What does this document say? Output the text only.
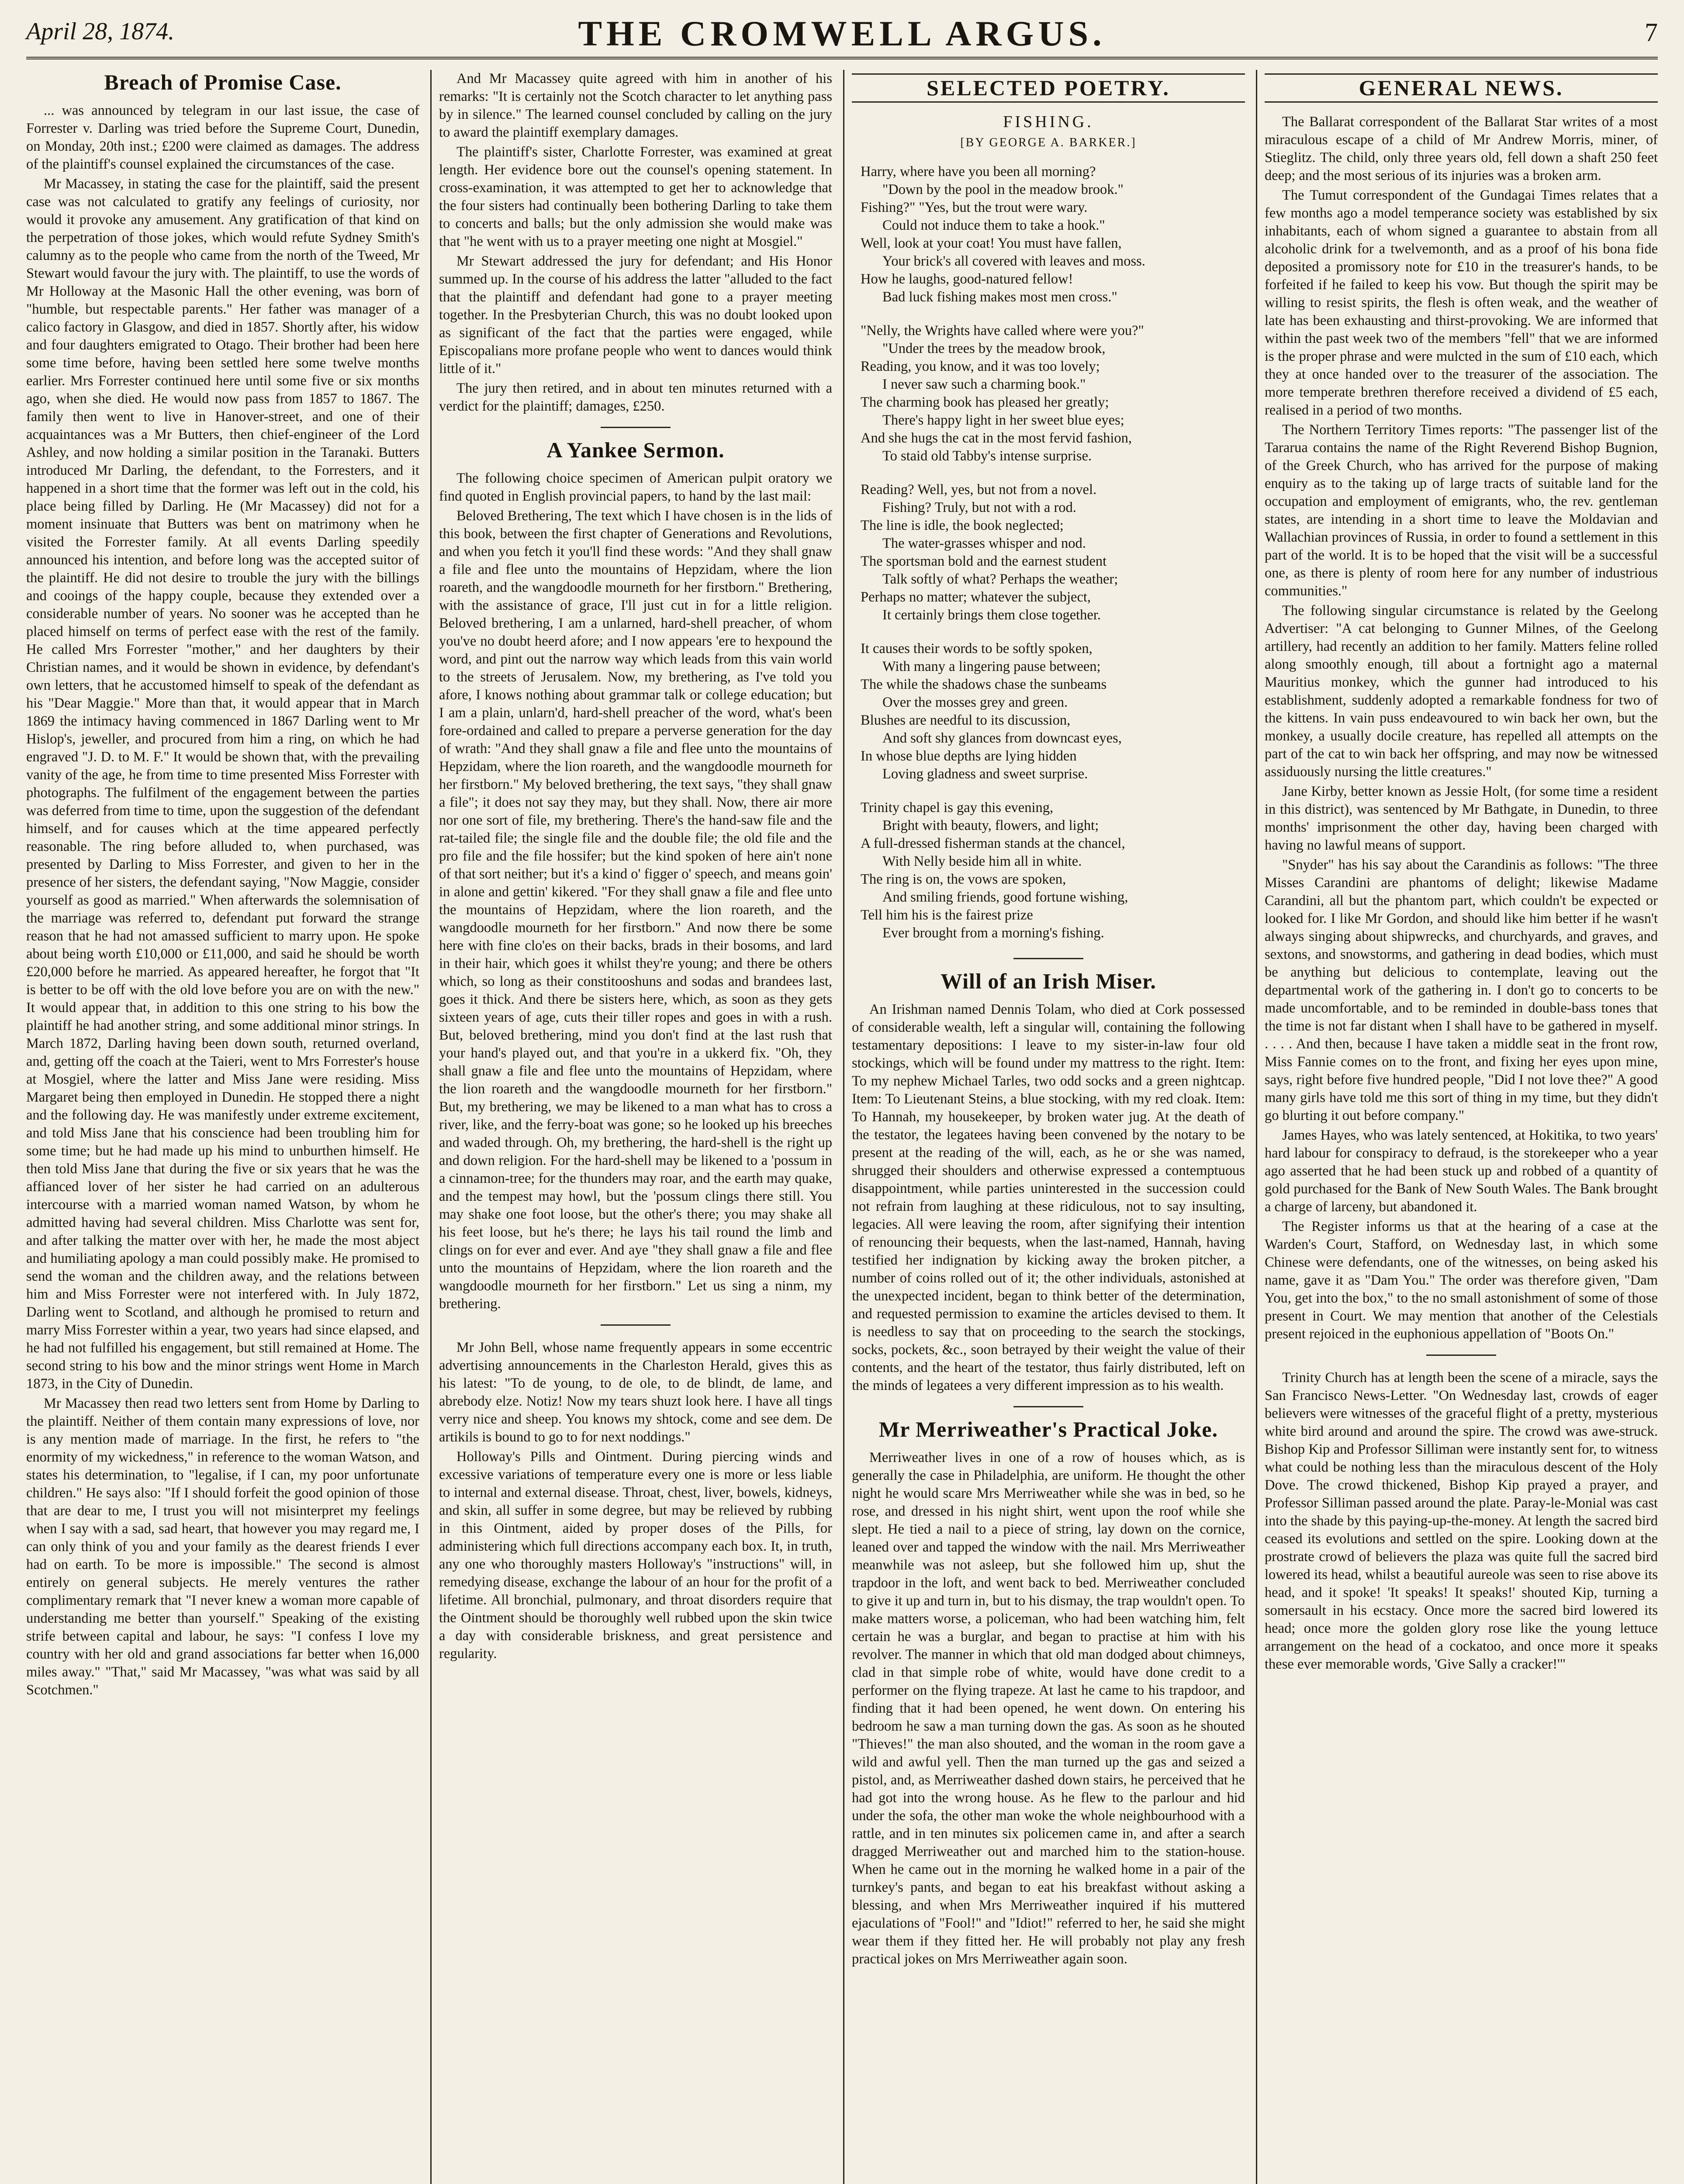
April 28, 1874.	THE CROMWELL ARGUS.	7
Breach of Promise Case.

... was announced by telegram in our last issue, the case of Forrester v. Darling was tried before the Supreme Court, Dunedin, on Monday, 20th inst.; £200 were claimed as damages. The address of the plaintiff's counsel explained the circumstances of the case.

Mr Macassey, in stating the case for the plaintiff, said the present case was not calculated to gratify any feelings of curiosity, nor would it provoke any amusement. Any gratification of that kind on the perpetration of those jokes, which would refute Sydney Smith's calumny as to the people who came from the north of the Tweed, Mr Stewart would favour the jury with. The plaintiff, to use the words of Mr Holloway at the Masonic Hall the other evening, was born of "humble, but respectable parents." Her father was manager of a calico factory in Glasgow, and died in 1857. Shortly after, his widow and four daughters emigrated to Otago. Their brother had been here some time before, having been settled here some twelve months earlier. Mrs Forrester continued here until some five or six months ago, when she died. He would now pass from 1857 to 1867. The family then went to live in Hanover-street, and one of their acquaintances was a Mr Butters, then chief-engineer of the Lord Ashley, and now holding a similar position in the Taranaki. Butters introduced Mr Darling, the defendant, to the Forresters, and it happened in a short time that the former was left out in the cold, his place being filled by Darling. He (Mr Macassey) did not for a moment insinuate that Butters was bent on matrimony when he visited the Forrester family. At all events Darling speedily announced his intention, and before long was the accepted suitor of the plaintiff. He did not desire to trouble the jury with the billings and cooings of the happy couple, because they extended over a considerable number of years. No sooner was he accepted than he placed himself on terms of perfect ease with the rest of the family. He called Mrs Forrester "mother," and her daughters by their Christian names, and it would be shown in evidence, by defendant's own letters, that he accustomed himself to speak of the defendant as his "Dear Maggie." More than that, it would appear that in March 1869 the intimacy having commenced in 1867 Darling went to Mr Hislop's, jeweller, and procured from him a ring, on which he had engraved "J. D. to M. F." It would be shown that, with the prevailing vanity of the age, he from time to time presented Miss Forrester with photographs. The fulfilment of the engagement between the parties was deferred from time to time, upon the suggestion of the defendant himself, and for causes which at the time appeared perfectly reasonable. The ring before alluded to, when purchased, was presented by Darling to Miss Forrester, and given to her in the presence of her sisters, the defendant saying, "Now Maggie, consider yourself as good as married." When afterwards the solemnisation of the marriage was referred to, defendant put forward the strange reason that he had not amassed sufficient to marry upon. He spoke about being worth £10,000 or £11,000, and said he should be worth £20,000 before he married. As appeared hereafter, he forgot that "It is better to be off with the old love before you are on with the new." It would appear that, in addition to this one string to his bow the plaintiff he had another string, and some additional minor strings. In March 1872, Darling having been down south, returned overland, and, getting off the coach at the Taieri, went to Mrs Forrester's house at Mosgiel, where the latter and Miss Jane were residing. Miss Margaret being then employed in Dunedin. He stopped there a night and the following day. He was manifestly under extreme excitement, and told Miss Jane that his conscience had been troubling him for some time; but he had made up his mind to unburthen himself. He then told Miss Jane that during the five or six years that he was the affianced lover of her sister he had carried on an adulterous intercourse with a married woman named Watson, by whom he admitted having had several children. Miss Charlotte was sent for, and after talking the matter over with her, he made the most abject and humiliating apology a man could possibly make. He promised to send the woman and the children away, and the relations between him and Miss Forrester were not interfered with. In July 1872, Darling went to Scotland, and although he promised to return and marry Miss Forrester within a year, two years had since elapsed, and he had not fulfilled his engagement, but still remained at Home. The second string to his bow and the minor strings went Home in March 1873, in the City of Dunedin.

Mr Macassey then read two letters sent from Home by Darling to the plaintiff. Neither of them contain many expressions of love, nor is any mention made of marriage. In the first, he refers to "the enormity of my wickedness," in reference to the woman Watson, and states his determination, to "legalise, if I can, my poor unfortunate children." He says also: "If I should forfeit the good opinion of those that are dear to me, I trust you will not misinterpret my feelings when I say with a sad, sad heart, that however you may regard me, I can only think of you and your family as the dearest friends I ever had on earth. To be more is impossible." The second is almost entirely on general subjects. He merely ventures the rather complimentary remark that "I never knew a woman more capable of understanding me better than yourself." Speaking of the existing strife between capital and labour, he says: "I confess I love my country with her old and grand associations far better when 16,000 miles away." "That," said Mr Macassey, "was what was said by all Scotchmen."

And Mr Macassey quite agreed with him in another of his remarks: "It is certainly not the Scotch character to let anything pass by in silence." The learned counsel concluded by calling on the jury to award the plaintiff exemplary damages.

The plaintiff's sister, Charlotte Forrester, was examined at great length. Her evidence bore out the counsel's opening statement. In cross-examination, it was attempted to get her to acknowledge that the four sisters had continually been bothering Darling to take them to concerts and balls; but the only admission she would make was that "he went with us to a prayer meeting one night at Mosgiel."

Mr Stewart addressed the jury for defendant; and His Honor summed up. In the course of his address the latter "alluded to the fact that the plaintiff and defendant had gone to a prayer meeting together. In the Presbyterian Church, this was no doubt looked upon as significant of the fact that the parties were engaged, while Episcopalians more profane people who went to dances would think little of it."

The jury then retired, and in about ten minutes returned with a verdict for the plaintiff; damages, £250.

A Yankee Sermon.

The following choice specimen of American pulpit oratory we find quoted in English provincial papers, to hand by the last mail:

Beloved Brethering, The text which I have chosen is in the lids of this book, between the first chapter of Generations and Revolutions, and when you fetch it you'll find these words: "And they shall gnaw a file and flee unto the mountains of Hepzidam, where the lion roareth, and the wangdoodle mourneth for her firstborn." Brethering, with the assistance of grace, I'll just cut in for a little religion. Beloved brethering, I am a unlarned, hard-shell preacher, of whom you've no doubt heerd afore; and I now appears 'ere to hexpound the word, and pint out the narrow way which leads from this vain world to the streets of Jerusalem. Now, my brethering, as I've told you afore, I knows nothing about grammar talk or college education; but I am a plain, unlarn'd, hard-shell preacher of the word, what's been fore-ordained and called to prepare a perverse generation for the day of wrath: "And they shall gnaw a file and flee unto the mountains of Hepzidam, where the lion roareth, and the wangdoodle mourneth for her firstborn." My beloved brethering, the text says, "they shall gnaw a file"; it does not say they may, but they shall. Now, there air more nor one sort of file, my brethering. There's the hand-saw file and the rat-tailed file; the single file and the double file; the old file and the pro file and the file hossifer; but the kind spoken of here ain't none of that sort neither; but it's a kind o' figger o' speech, and means goin' in alone and gettin' kikered. "For they shall gnaw a file and flee unto the mountains of Hepzidam, where the lion roareth, and the wangdoodle mourneth for her firstborn." And now there be some here with fine clo'es on their backs, brads in their bosoms, and lard in their hair, which goes it whilst they're young; and there be others which, so long as their constitooshuns and sodas and brandees last, goes it thick. And there be sisters here, which, as soon as they gets sixteen years of age, cuts their tiller ropes and goes in with a rush. But, beloved brethering, mind you don't find at the last rush that your hand's played out, and that you're in a ukkerd fix. "Oh, they shall gnaw a file and flee unto the mountains of Hepzidam, where the lion roareth and the wangdoodle mourneth for her firstborn." But, my brethering, we may be likened to a man what has to cross a river, like, and the ferry-boat was gone; so he looked up his breeches and waded through. Oh, my brethering, the hard-shell is the right up and down religion. For the hard-shell may be likened to a 'possum in a cinnamon-tree; for the thunders may roar, and the earth may quake, and the tempest may howl, but the 'possum clings there still. You may shake one foot loose, but the other's there; you may shake all his feet loose, but he's there; he lays his tail round the limb and clings on for ever and ever. And aye "they shall gnaw a file and flee unto the mountains of Hepzidam, where the lion roareth and the wangdoodle mourneth for her firstborn." Let us sing a ninm, my brethering.

Mr John Bell, whose name frequently appears in some eccentric advertising announcements in the Charleston Herald, gives this as his latest: "To de young, to de ole, to de blindt, de lame, and abrebody elze. Notiz! Now my tears shuzt look here. I have all tings verry nice and sheep. You knows my shtock, come and see dem. De artikils is bound to go to for next noddings."

Holloway's Pills and Ointment. During piercing winds and excessive variations of temperature every one is more or less liable to internal and external disease. Throat, chest, liver, bowels, kidneys, and skin, all suffer in some degree, but may be relieved by rubbing in this Ointment, aided by proper doses of the Pills, for administering which full directions accompany each box. It, in truth, any one who thoroughly masters Holloway's "instructions" will, in remedying disease, exchange the labour of an hour for the profit of a lifetime. All bronchial, pulmonary, and throat disorders require that the Ointment should be thoroughly well rubbed upon the skin twice a day with considerable briskness, and great persistence and regularity.

SELECTED POETRY.
FISHING.
[BY GEORGE A. BARKER.]
Harry, where have you been all morning?
"Down by the pool in the meadow brook."
Fishing?" "Yes, but the trout were wary.
Could not induce them to take a hook."
Well, look at your coat! You must have fallen,
Your brick's all covered with leaves and moss.
How he laughs, good-natured fellow!
Bad luck fishing makes most men cross."
"Nelly, the Wrights have called where were you?"
"Under the trees by the meadow brook,
Reading, you know, and it was too lovely;
I never saw such a charming book."
The charming book has pleased her greatly;
There's happy light in her sweet blue eyes;
And she hugs the cat in the most fervid fashion,
To staid old Tabby's intense surprise.
Reading? Well, yes, but not from a novel.
Fishing? Truly, but not with a rod.
The line is idle, the book neglected;
The water-grasses whisper and nod.
The sportsman bold and the earnest student
Talk softly of what? Perhaps the weather;
Perhaps no matter; whatever the subject,
It certainly brings them close together.
It causes their words to be softly spoken,
With many a lingering pause between;
The while the shadows chase the sunbeams
Over the mosses grey and green.
Blushes are needful to its discussion,
And soft shy glances from downcast eyes,
In whose blue depths are lying hidden
Loving gladness and sweet surprise.
Trinity chapel is gay this evening,
Bright with beauty, flowers, and light;
A full-dressed fisherman stands at the chancel,
With Nelly beside him all in white.
The ring is on, the vows are spoken,
And smiling friends, good fortune wishing,
Tell him his is the fairest prize
Ever brought from a morning's fishing.
Will of an Irish Miser.

An Irishman named Dennis Tolam, who died at Cork possessed of considerable wealth, left a singular will, containing the following testamentary depositions: I leave to my sister-in-law four old stockings, which will be found under my mattress to the right. Item: To my nephew Michael Tarles, two odd socks and a green nightcap. Item: To Lieutenant Steins, a blue stocking, with my red cloak. Item: To Hannah, my housekeeper, by broken water jug. At the death of the testator, the legatees having been convened by the notary to be present at the reading of the will, each, as he or she was named, shrugged their shoulders and otherwise expressed a contemptuous disappointment, while parties uninterested in the succession could not refrain from laughing at these ridiculous, not to say insulting, legacies. All were leaving the room, after signifying their intention of renouncing their bequests, when the last-named, Hannah, having testified her indignation by kicking away the broken pitcher, a number of coins rolled out of it; the other individuals, astonished at the unexpected incident, began to think better of the determination, and requested permission to examine the articles devised to them. It is needless to say that on proceeding to the search the stockings, socks, pockets, &c., soon betrayed by their weight the value of their contents, and the heart of the testator, thus fairly distributed, left on the minds of legatees a very different impression as to his wealth.

Mr Merriweather's Practical Joke.

Merriweather lives in one of a row of houses which, as is generally the case in Philadelphia, are uniform. He thought the other night he would scare Mrs Merriweather while she was in bed, so he rose, and dressed in his night shirt, went upon the roof while she slept. He tied a nail to a piece of string, lay down on the cornice, leaned over and tapped the window with the nail. Mrs Merriweather meanwhile was not asleep, but she followed him up, shut the trapdoor in the loft, and went back to bed. Merriweather concluded to give it up and turn in, but to his dismay, the trap wouldn't open. To make matters worse, a policeman, who had been watching him, felt certain he was a burglar, and began to practise at him with his revolver. The manner in which that old man dodged about chimneys, clad in that simple robe of white, would have done credit to a performer on the flying trapeze. At last he came to his trapdoor, and finding that it had been opened, he went down. On entering his bedroom he saw a man turning down the gas. As soon as he shouted "Thieves!" the man also shouted, and the woman in the room gave a wild and awful yell. Then the man turned up the gas and seized a pistol, and, as Merriweather dashed down stairs, he perceived that he had got into the wrong house. As he flew to the parlour and hid under the sofa, the other man woke the whole neighbourhood with a rattle, and in ten minutes six policemen came in, and after a search dragged Merriweather out and marched him to the station-house. When he came out in the morning he walked home in a pair of the turnkey's pants, and began to eat his breakfast without asking a blessing, and when Mrs Merriweather inquired if his muttered ejaculations of "Fool!" and "Idiot!" referred to her, he said she might wear them if they fitted her. He will probably not play any fresh practical jokes on Mrs Merriweather again soon.

GENERAL NEWS.

The Ballarat correspondent of the Ballarat Star writes of a most miraculous escape of a child of Mr Andrew Morris, miner, of Stieglitz. The child, only three years old, fell down a shaft 250 feet deep; and the most serious of its injuries was a broken arm.

The Tumut correspondent of the Gundagai Times relates that a few months ago a model temperance society was established by six inhabitants, each of whom signed a guarantee to abstain from all alcoholic drink for a twelvemonth, and as a proof of his bona fide deposited a promissory note for £10 in the treasurer's hands, to be forfeited if he failed to keep his vow. But though the spirit may be willing to resist spirits, the flesh is often weak, and the weather of late has been exhausting and thirst-provoking. We are informed that within the past week two of the members "fell" that we are informed is the proper phrase and were mulcted in the sum of £10 each, which they at once handed over to the treasurer of the association. The more temperate brethren therefore received a dividend of £5 each, realised in a period of two months.

The Northern Territory Times reports: "The passenger list of the Tararua contains the name of the Right Reverend Bishop Bugnion, of the Greek Church, who has arrived for the purpose of making enquiry as to the taking up of large tracts of suitable land for the occupation and employment of emigrants, who, the rev. gentleman states, are intending in a short time to leave the Moldavian and Wallachian provinces of Russia, in order to found a settlement in this part of the world. It is to be hoped that the visit will be a successful one, as there is plenty of room here for any number of industrious communities."

The following singular circumstance is related by the Geelong Advertiser: "A cat belonging to Gunner Milnes, of the Geelong artillery, had recently an addition to her family. Matters feline rolled along smoothly enough, till about a fortnight ago a maternal Mauritius monkey, which the gunner had introduced to his establishment, suddenly adopted a remarkable fondness for two of the kittens. In vain puss endeavoured to win back her own, but the monkey, a usually docile creature, has repelled all attempts on the part of the cat to win back her offspring, and may now be witnessed assiduously nursing the little creatures."

Jane Kirby, better known as Jessie Holt, (for some time a resident in this district), was sentenced by Mr Bathgate, in Dunedin, to three months' imprisonment the other day, having been charged with having no lawful means of support.

"Snyder" has his say about the Carandinis as follows: "The three Misses Carandini are phantoms of delight; likewise Madame Carandini, all but the phantom part, which couldn't be expected or looked for. I like Mr Gordon, and should like him better if he wasn't always singing about shipwrecks, and churchyards, and graves, and sextons, and snowstorms, and gathering in dead bodies, which must be anything but delicious to contemplate, leaving out the departmental work of the gathering in. I don't go to concerts to be made uncomfortable, and to be reminded in double-bass tones that the time is not far distant when I shall have to be gathered in myself. . . . . And then, because I have taken a middle seat in the front row, Miss Fannie comes on to the front, and fixing her eyes upon mine, says, right before five hundred people, "Did I not love thee?" A good many girls have told me this sort of thing in my time, but they didn't go blurting it out before company."

James Hayes, who was lately sentenced, at Hokitika, to two years' hard labour for conspiracy to defraud, is the storekeeper who a year ago asserted that he had been stuck up and robbed of a quantity of gold purchased for the Bank of New South Wales. The Bank brought a charge of larceny, but abandoned it.

The Register informs us that at the hearing of a case at the Warden's Court, Stafford, on Wednesday last, in which some Chinese were defendants, one of the witnesses, on being asked his name, gave it as "Dam You." The order was therefore given, "Dam You, get into the box," to the no small astonishment of some of those present in Court. We may mention that another of the Celestials present rejoiced in the euphonious appellation of "Boots On."

Trinity Church has at length been the scene of a miracle, says the San Francisco News-Letter. "On Wednesday last, crowds of eager believers were witnesses of the graceful flight of a pretty, mysterious white bird around and around the spire. The crowd was awe-struck. Bishop Kip and Professor Silliman were instantly sent for, to witness what could be nothing less than the miraculous descent of the Holy Dove. The crowd thickened, Bishop Kip prayed a prayer, and Professor Silliman passed around the plate. Paray-le-Monial was cast into the shade by this paying-up-the-money. At length the sacred bird ceased its evolutions and settled on the spire. Looking down at the prostrate crowd of believers the plaza was quite full the sacred bird lowered its head, whilst a beautiful aureole was seen to rise above its head, and it spoke! 'It speaks! It speaks!' shouted Kip, turning a somersault in his ecstacy. Once more the sacred bird lowered its head; once more the golden glory rose like the young lettuce arrangement on the head of a cockatoo, and once more it speaks these ever memorable words, 'Give Sally a cracker!'"
